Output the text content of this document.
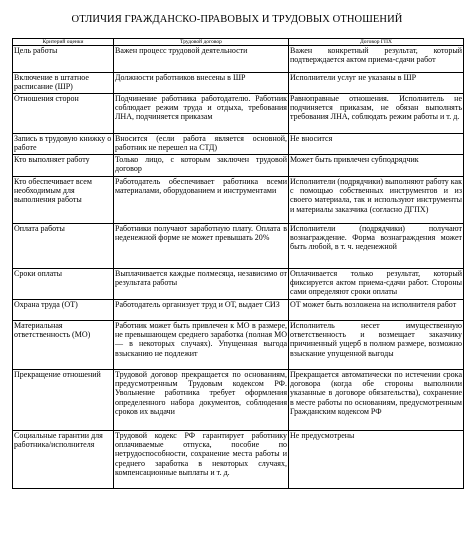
ОТЛИЧИЯ ГРАЖДАНСКО-ПРАВОВЫХ И ТРУДОВЫХ ОТНОШЕНИЙ
Критерий оценки	Трудовой договор	Договор ГПХ
Цель работы	Важен процесс трудовой деятельности	Важен конкретный результат, который подтверждается актом приема-сдачи работ
Включение в штатное расписание (ШР)	Должности работников внесены в ШР	Исполнители услуг не указаны в ШР
Отношения сторон	Подчинение работника работодателю. Работник соблюдает режим труда и отдыха, требования ЛНА, подчиняется приказам	Равноправные отношения. Исполнитель не подчиняется приказам, не обязан выполнять требования ЛНА, соблюдать режим работы и т. д.
Запись в трудовую книжку о работе	Вносится (если работа является основной, работник не перешел на СТД)	Не вносится
Кто выполняет работу	Только лицо, с которым заключен трудовой договор	Может быть привлечен субподрядчик
Кто обеспечивает всем необходимым для выполнения работы	Работодатель обеспечивает работника всеми материалами, оборудованием и инструментами	Исполнители (подрядчики) выполняют работу как с помощью собственных инструментов и из своего материала, так и используют инструменты и материалы заказчика (согласно ДГПХ)
Оплата работы	Работники получают заработную плату. Оплата в неденежной форме не может превышать 20%	Исполнители (подрядчики) получают вознаграждение. Форма вознаграждения может быть любой, в т. ч. неденежной
Сроки оплаты	Выплачивается каждые полмесяца, независимо от результата работы	Оплачивается только результат, который фиксируется актом приема-сдачи работ. Стороны сами определяют сроки оплаты
Охрана труда (ОТ)	Работодатель организует труд и ОТ, выдает СИЗ	ОТ может быть возложена на исполнителя работ
Материальная ответственность (МО)	Работник может быть привлечен к МО в размере, не превышающем среднего заработка (полная МО — в некоторых случаях). Упущенная выгода взысканию не подлежит	Исполнитель несет имущественную ответственность и возмещает заказчику причиненный ущерб в полном размере, возможно взыскание упущенной выгоды
Прекращение отношений	Трудовой договор прекращается по основаниям, предусмотренным Трудовым кодексом РФ. Увольнение работника требует оформления определенного набора документов, соблюдения сроков их выдачи	Прекращается автоматически по истечении срока договора (когда обе стороны выполнили указанные в договоре обязательства), сохранение в месте работы по основаниям, предусмотренным Гражданским кодексом РФ
Социальные гарантии для работника/исполнителя	Трудовой кодекс РФ гарантирует работнику оплачиваемые отпуска, пособие по нетрудоспособности, сохранение места работы и среднего заработка в некоторых случаях, компенсационные выплаты и т. д.	Не предусмотрены
